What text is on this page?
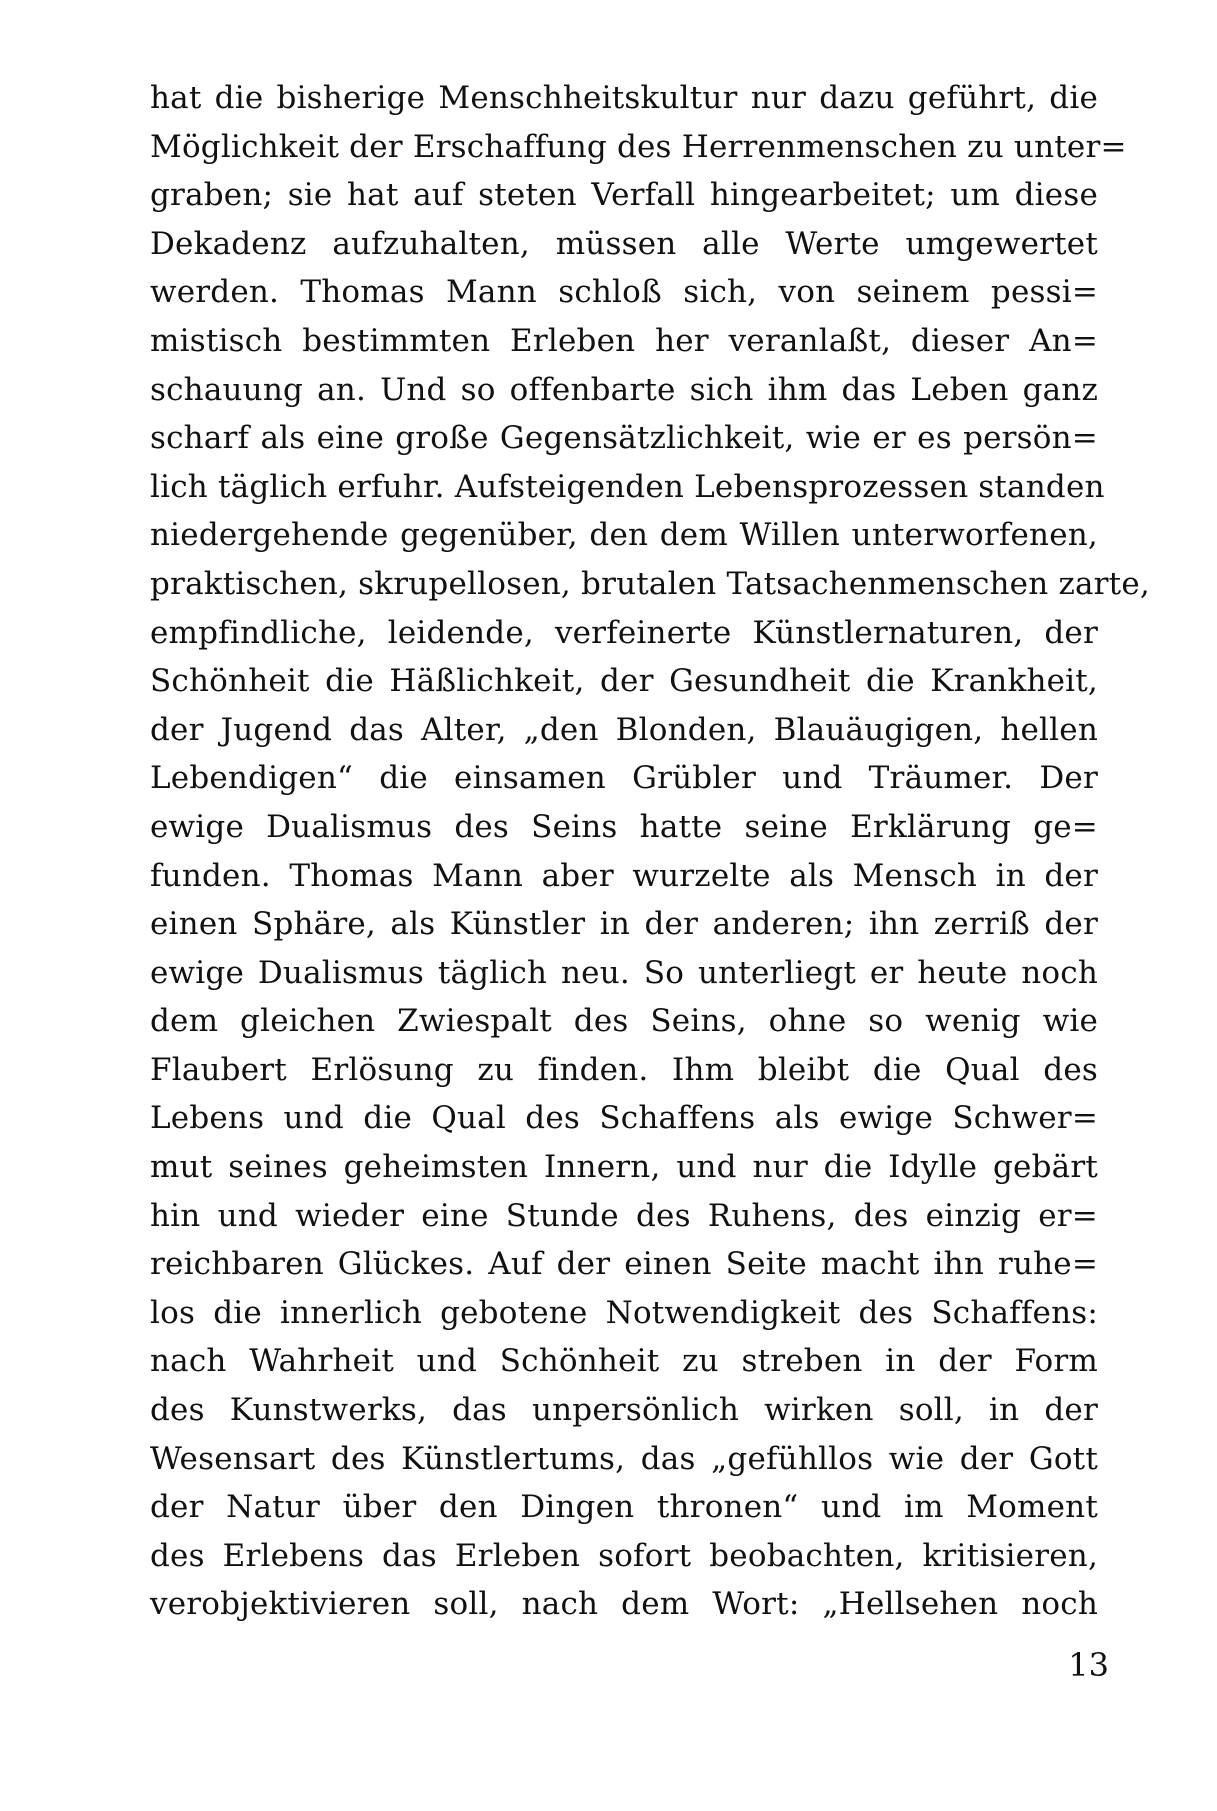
hat die bisherige Menschheitskultur nur dazu geführt, die
Möglichkeit der Erschaffung des Herrenmenschen zu unter=
graben; sie hat auf steten Verfall hingearbeitet; um diese
Dekadenz aufzuhalten, müssen alle Werte umgewertet
werden. Thomas Mann schloß sich, von seinem pessi=
mistisch bestimmten Erleben her veranlaßt, dieser An=
schauung an. Und so offenbarte sich ihm das Leben ganz
scharf als eine große Gegensätzlichkeit, wie er es persön=
lich täglich erfuhr. Aufsteigenden Lebensprozessen standen
niedergehende gegenüber, den dem Willen unterworfenen,
praktischen, skrupellosen, brutalen Tatsachenmenschen zarte,
empfindliche, leidende, verfeinerte Künstlernaturen, der
Schönheit die Häßlichkeit, der Gesundheit die Krankheit,
der Jugend das Alter, „den Blonden, Blauäugigen, hellen
Lebendigen“ die einsamen Grübler und Träumer. Der
ewige Dualismus des Seins hatte seine Erklärung ge=
funden. Thomas Mann aber wurzelte als Mensch in der
einen Sphäre, als Künstler in der anderen; ihn zerriß der
ewige Dualismus täglich neu. So unterliegt er heute noch
dem gleichen Zwiespalt des Seins, ohne so wenig wie
Flaubert Erlösung zu finden. Ihm bleibt die Qual des
Lebens und die Qual des Schaffens als ewige Schwer=
mut seines geheimsten Innern, und nur die Idylle gebärt
hin und wieder eine Stunde des Ruhens, des einzig er=
reichbaren Glückes. Auf der einen Seite macht ihn ruhe=
los die innerlich gebotene Notwendigkeit des Schaffens:
nach Wahrheit und Schönheit zu streben in der Form
des Kunstwerks, das unpersönlich wirken soll, in der
Wesensart des Künstlertums, das „gefühllos wie der Gott
der Natur über den Dingen thronen“ und im Moment
des Erlebens das Erleben sofort beobachten, kritisieren,
verobjektivieren soll, nach dem Wort: „Hellsehen noch
13
